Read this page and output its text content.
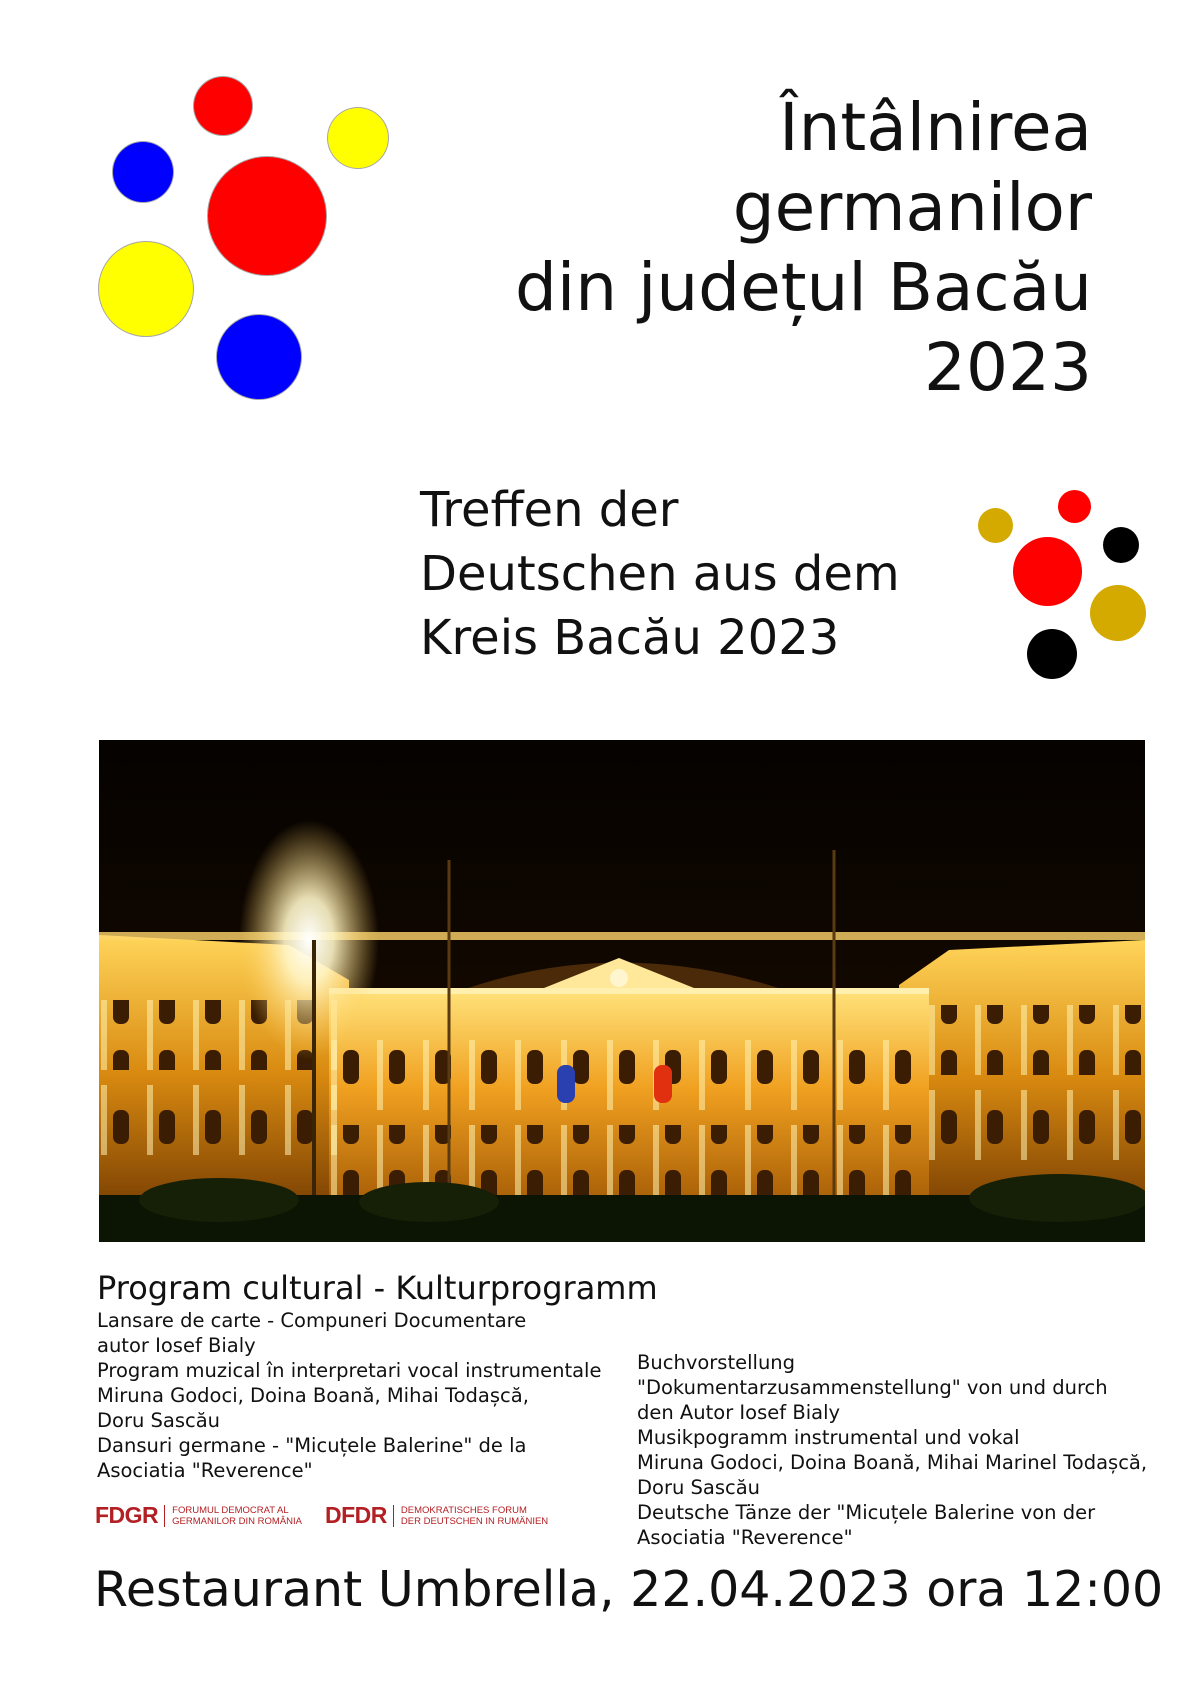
Întâlnirea
germanilor
din județul Bacău
2023
Treffen der
Deutschen aus dem
Kreis Bacău 2023
Program cultural - Kulturprogramm
Lansare de carte - Compuneri Documentare
autor Iosef Bialy
Program muzical în interpretari vocal instrumentale
Miruna Godoci, Doina Boană, Mihai Todașcă,
Doru Sascău
Dansuri germane - "Micuțele Balerine" de la
Asociatia "Reverence"
Buchvorstellung
"Dokumentarzusammenstellung" von und durch
den Autor Iosef Bialy
Musikpogramm instrumental und vokal
Miruna Godoci, Doina Boană, Mihai Marinel Todașcă,
Doru Sascău
Deutsche Tänze der "Micuțele Balerine von der
Asociatia "Reverence"
FDGR FORUMUL DEMOCRAT AL
GERMANILOR DIN ROMÂNIA DFDR DEMOKRATISCHES FORUM
DER DEUTSCHEN IN RUMÄNIEN
Restaurant Umbrella, 22.04.2023 ora 12:00
